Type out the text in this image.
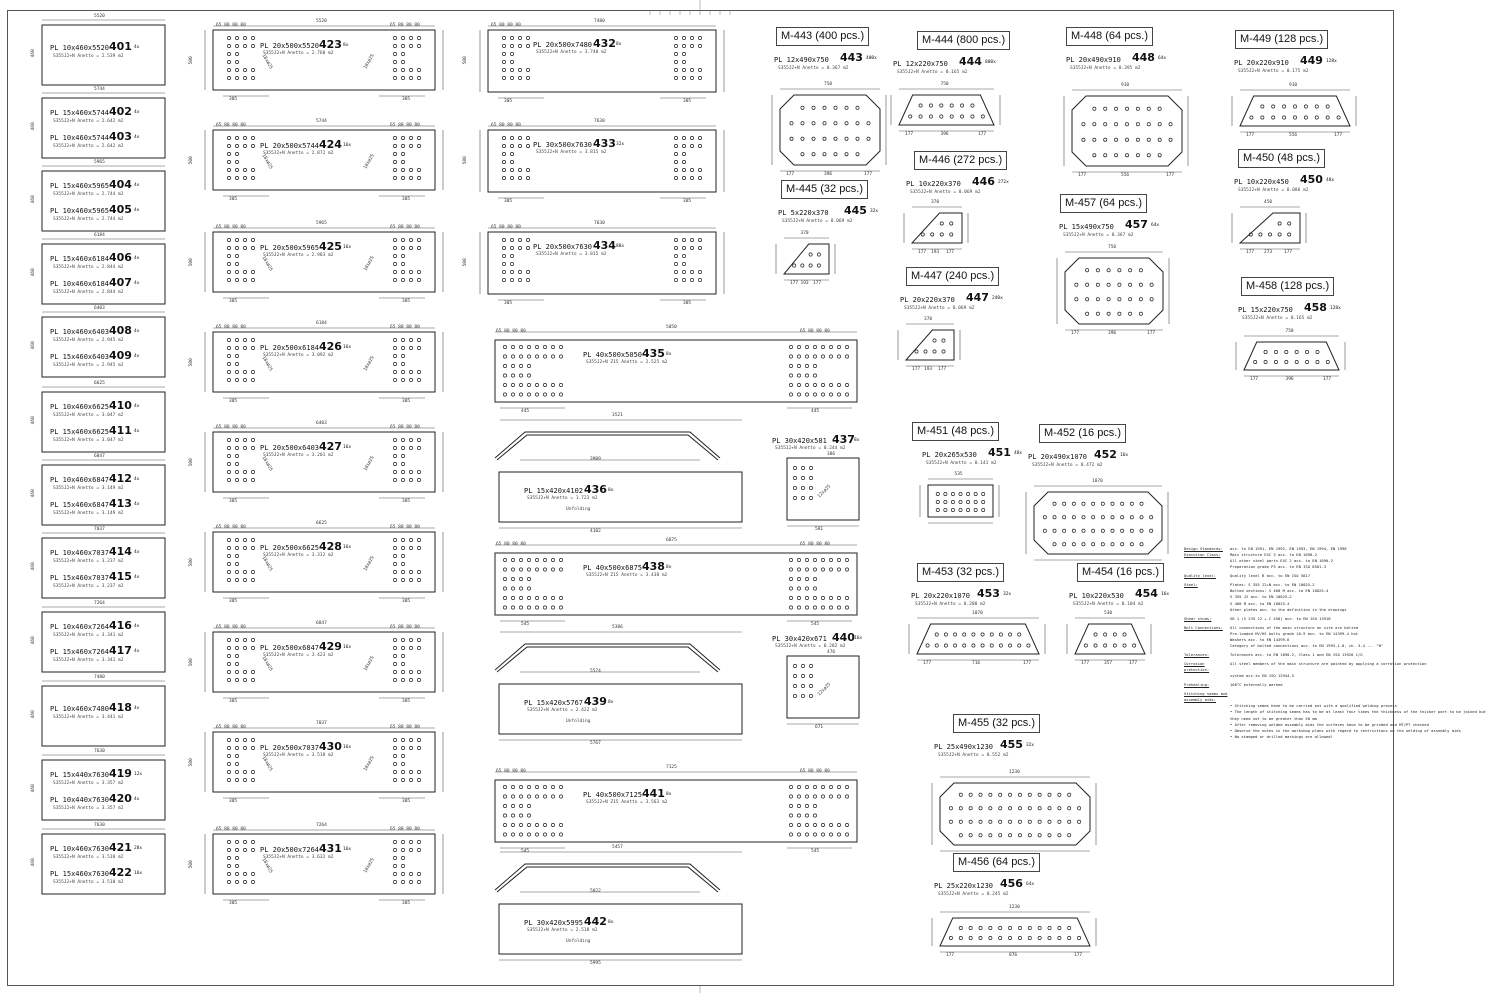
5520
460
PL 10x460x5520 401 4x
S355J2+N Anetto = 2.539 m2
5744
460
PL 15x460x5744 402 4x
S355J2+N Anetto = 2.642 m2
PL 10x460x5744 403 4x
S355J2+N Anetto = 2.642 m2
5965
460
PL 15x460x5965 404 4x
S355J2+N Anetto = 2.744 m2
PL 10x460x5965 405 4x
S355J2+N Anetto = 2.744 m2
6184
460
PL 15x460x6184 406 4x
S355J2+N Anetto = 2.844 m2
PL 10x460x6184 407 4x
S355J2+N Anetto = 2.844 m2
6403
460
PL 10x460x6403 408 4x
S355J2+N Anetto = 2.945 m2
PL 15x460x6403 409 4x
S355J2+N Anetto = 2.945 m2
6625
460
PL 10x460x6625 410 4x
S355J2+N Anetto = 3.047 m2
PL 15x460x6625 411 4x
S355J2+N Anetto = 3.047 m2
6847
460
PL 10x460x6847 412 4x
S355J2+N Anetto = 3.149 m2
PL 15x460x6847 413 4x
S355J2+N Anetto = 3.149 m2
7037
460
PL 10x460x7037 414 4x
S355J2+N Anetto = 3.237 m2
PL 15x460x7037 415 4x
S355J2+N Anetto = 3.237 m2
7264
460
PL 10x460x7264 416 4x
S355J2+N Anetto = 3.341 m2
PL 15x460x7264 417 4x
S355J2+N Anetto = 3.341 m2
7480
460
PL 10x460x7480 418 4x
S355J2+N Anetto = 3.441 m2
7630
460
PL 15x440x7630 419 12x
S355J2+N Anetto = 3.357 m2
PL 10x440x7630 420 4x
S355J2+N Anetto = 3.357 m2
7630
460
PL 10x460x7630 421 28x
S355J2+N Anetto = 3.510 m2
PL 15x460x7630 422 16x
S355J2+N Anetto = 3.510 m2
5520
PL 20x500x5520 423 8x
S355J2+N Anetto = 2.760 m2
65 80 80 80	65 80 80 80
305	305
18xø25	18xø25
500
5744
PL 20x500x5744 424 16x
S355J2+N Anetto = 2.872 m2
65 80 80 80	65 80 80 80
305	305
18xø25	18xø25
500
5965
PL 20x500x5965 425 16x
S355J2+N Anetto = 2.983 m2
65 80 80 80	65 80 80 80
305	305
18xø25	18xø25
500
6184
PL 20x500x6184 426 16x
S355J2+N Anetto = 3.092 m2
65 80 80 80	65 80 80 80
305	305
18xø25	18xø25
500
6403
PL 20x500x6403 427 16x
S355J2+N Anetto = 3.201 m2
65 80 80 80	65 80 80 80
305	305
18xø25	18xø25
500
6625
PL 20x500x6625 428 16x
S355J2+N Anetto = 3.312 m2
65 80 80 80	65 80 80 80
305	305
18xø25	18xø25
500
6847
PL 20x500x6847 429 16x
S355J2+N Anetto = 3.423 m2
65 80 80 80	65 80 80 80
305	305
18xø25	18xø25
500
7037
PL 20x500x7037 430 16x
S355J2+N Anetto = 3.518 m2
65 80 80 80	65 80 80 80
305	305
18xø25	18xø25
500
7264
PL 20x500x7264 431 16x
S355J2+N Anetto = 3.632 m2
65 80 80 80	65 80 80 80
305	305
18xø25	18xø25
500
7480
PL 20x500x7480 432 8x
S355J2+N Anetto = 3.740 m2
65 80 80 80
305	305
500
7630
PL 30x500x7630 433 32x
S355J2+N Anetto = 3.815 m2
65 80 80 80
305	305
500
7630
PL 20x500x7630 434 88x
S355J2+N Anetto = 3.815 m2
65 80 80 80
305	305
500
5050
445	445
PL 40x500x5050 435 8x
S355J2+N Z15 Anetto = 2.525 m2
65 80 80 80	65 80 80 80
6875
545	545
PL 40x500x6875 438 8x
S355J2+N Z15 Anetto = 3.438 m2
65 80 80 80	65 80 80 80
7125
545	545
PL 40x500x7125 441 8x
S355J2+N Z15 Anetto = 3.563 m2
65 80 80 80	65 80 80 80
3521
3909
PL 15x420x4102 436 8x
S355J2+N Anetto = 1.723 m2
Unfolding
4102
5386
5574
PL 15x420x5767 439 8x
S355J2+N Anetto = 2.422 m2
Unfolding
5767
5457
5822
PL 30x420x5995 442 8x
S355J2+N Anetto = 2.518 m2
Unfolding
5995
PL 30x420x581 437 8x
S355J2+N Anetto = 0.244 m2
386
12xø25
581
PL 30x420x671 440 16x
S355J2+N Anetto = 0.282 m2
476
12xø25
671
M-443 (400 pcs.)
PL 12x490x750 443 400x
S355J2+N Anetto = 0.367 m2
750
177	177
396
M-444 (800 pcs.)
PL 12x220x750 444 800x
S355J2+N Anetto = 0.165 m2
750
177	177
396
M-448 (64 pcs.)
PL 20x490x910 448 64x
S355J2+N Anetto = 0.395 m2
910
177	177
556
M-449 (128 pcs.)
PL 20x220x910 449 128x
S355J2+N Anetto = 0.175 m2
910
177	177
556
M-446 (272 pcs.)
PL 10x220x370 446 272x
S355J2+N Anetto = 0.069 m2
370
177	177
193
M-445 (32 pcs.)
PL 5x220x370 445 32x
S355J2+N Anetto = 0.069 m2
370
177	177
193
M-450 (48 pcs.)
PL 10x220x450 450 48x
S355J2+N Anetto = 0.086 m2
450
177	177
273
M-457 (64 pcs.)
PL 15x490x750 457 64x
S355J2+N Anetto = 0.367 m2
750
177	177
396
M-447 (240 pcs.)
PL 20x220x370 447 240x
S355J2+N Anetto = 0.069 m2
370
177	177
193
M-458 (128 pcs.)
PL 15x220x750 458 128x
S355J2+N Anetto = 0.165 m2
750
177	177
396
M-451 (48 pcs.)
PL 20x265x530 451 48x
S355J2+N Anetto = 0.141 m2
535
M-452 (16 pcs.)
PL 20x490x1070 452 16x
S355J2+N Anetto = 0.472 m2
1070
M-453 (32 pcs.)
PL 20x220x1070 453 32x
S355J2+N Anetto = 0.200 m2
1070
177	177
716
M-454 (16 pcs.)
PL 10x220x530 454 16x
S355J2+N Anetto = 0.104 m2
530
177	177
357
M-455 (32 pcs.)
PL 25x490x1230 455 32x
S355J2+N Anetto = 0.552 m2
1230
M-456 (64 pcs.)
PL 25x220x1230 456 64x
S355J2+N Anetto = 0.245 m2
1230
177	177
876
Design Standards:	acc. to EN 1991, EN 1992, EN 1993, EN 1994, EN 1998
Execution Class:	Main structure EXC 3 acc. to EN 1090-2
All other steel parts EXC 2 acc. to EN 1090-2
Preparation grade P3 acc. to EN ISO 8501-3
Quality level:	Quality level B acc. to EN ISO 5817
Steel:	Plates: S 355 J2+N acc. to EN 10025-2
Bolted sections: S 460 M acc. to EN 10025-4
S 355 J2 acc. to EN 10025-2
S 460 M acc. to EN 10025-4
Other plates acc. to the definition in the drawings
Shear studs:	SD 1 (S 235 J2 + C 450) acc. to EN ISO 13918
Bolt Connections:	All connections of the main structure on site are bolted
Pre-loaded HV/HS bolts grade 10.9 acc. to EN 14399-4 hot
Washers acc. to EN 14399-6
Category of bolted connections acc. to EN 1993-1-8, ch. 3.4 ... "B"
Tolerances:	Tolerances acc. to EN 1090-2, Class 1 and EN ISO 13920 C/G
Corrosion protection:
All steel members of the main structure are painted by applying a corrosion protection
system acc.to EN ISO 12944-5
Prehealing:	100°C externally marked
Stitching seams and assembly aids:
• Stitching seams have to be carried out with a qualified welding process
• The length of stitching seams has to be at least four times the thickness of the thicker part to be joined but
they need not to be greater than 50 mm
• After removing welded assembly aids the surfaces have to be grinded and MT/PT checked
• Observe the notes in the workshop plans with regard to restrictions on the welding of assembly aids
• No stamped or drilled markings are allowed!
